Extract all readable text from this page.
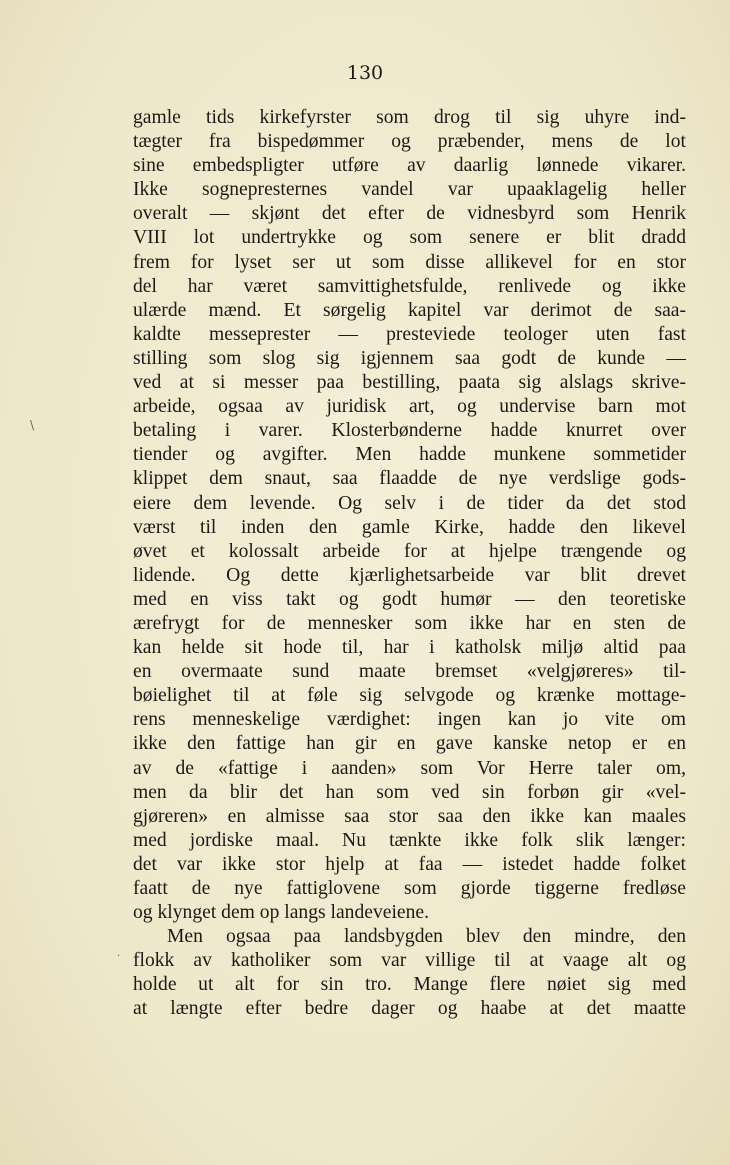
130
\
·
gamle tids kirkefyrster som drog til sig uhyre ind-
tægter fra bispedømmer og præbender, mens de lot
sine embedspligter utføre av daarlig lønnede vikarer.
Ikke sognepresternes vandel var upaaklagelig heller
overalt — skjønt det efter de vidnesbyrd som Henrik
VIII lot undertrykke og som senere er blit dradd
frem for lyset ser ut som disse allikevel for en stor
del har været samvittighetsfulde, renlivede og ikke
ulærde mænd. Et sørgelig kapitel var derimot de saa-
kaldte messeprester — presteviede teologer uten fast
stilling som slog sig igjennem saa godt de kunde —
ved at si messer paa bestilling, paata sig alslags skrive-
arbeide, ogsaa av juridisk art, og undervise barn mot
betaling i varer. Klosterbønderne hadde knurret over
tiender og avgifter. Men hadde munkene sommetider
klippet dem snaut, saa flaadde de nye verdslige gods-
eiere dem levende. Og selv i de tider da det stod
værst til inden den gamle Kirke, hadde den likevel
øvet et kolossalt arbeide for at hjelpe trængende og
lidende. Og dette kjærlighetsarbeide var blit drevet
med en viss takt og godt humør — den teoretiske
ærefrygt for de mennesker som ikke har en sten de
kan helde sit hode til, har i katholsk miljø altid paa
en overmaate sund maate bremset «velgjøreres» til-
bøielighet til at føle sig selvgode og krænke mottage-
rens menneskelige værdighet: ingen kan jo vite om
ikke den fattige han gir en gave kanske netop er en
av de «fattige i aanden» som Vor Herre taler om,
men da blir det han som ved sin forbøn gir «vel-
gjøreren» en almisse saa stor saa den ikke kan maales
med jordiske maal. Nu tænkte ikke folk slik længer:
det var ikke stor hjelp at faa — istedet hadde folket
faatt de nye fattiglovene som gjorde tiggerne fredløse
og klynget dem op langs landeveiene.
Men ogsaa paa landsbygden blev den mindre, den
flokk av katholiker som var villige til at vaage alt og
holde ut alt for sin tro. Mange flere nøiet sig med
at længte efter bedre dager og haabe at det maatte
